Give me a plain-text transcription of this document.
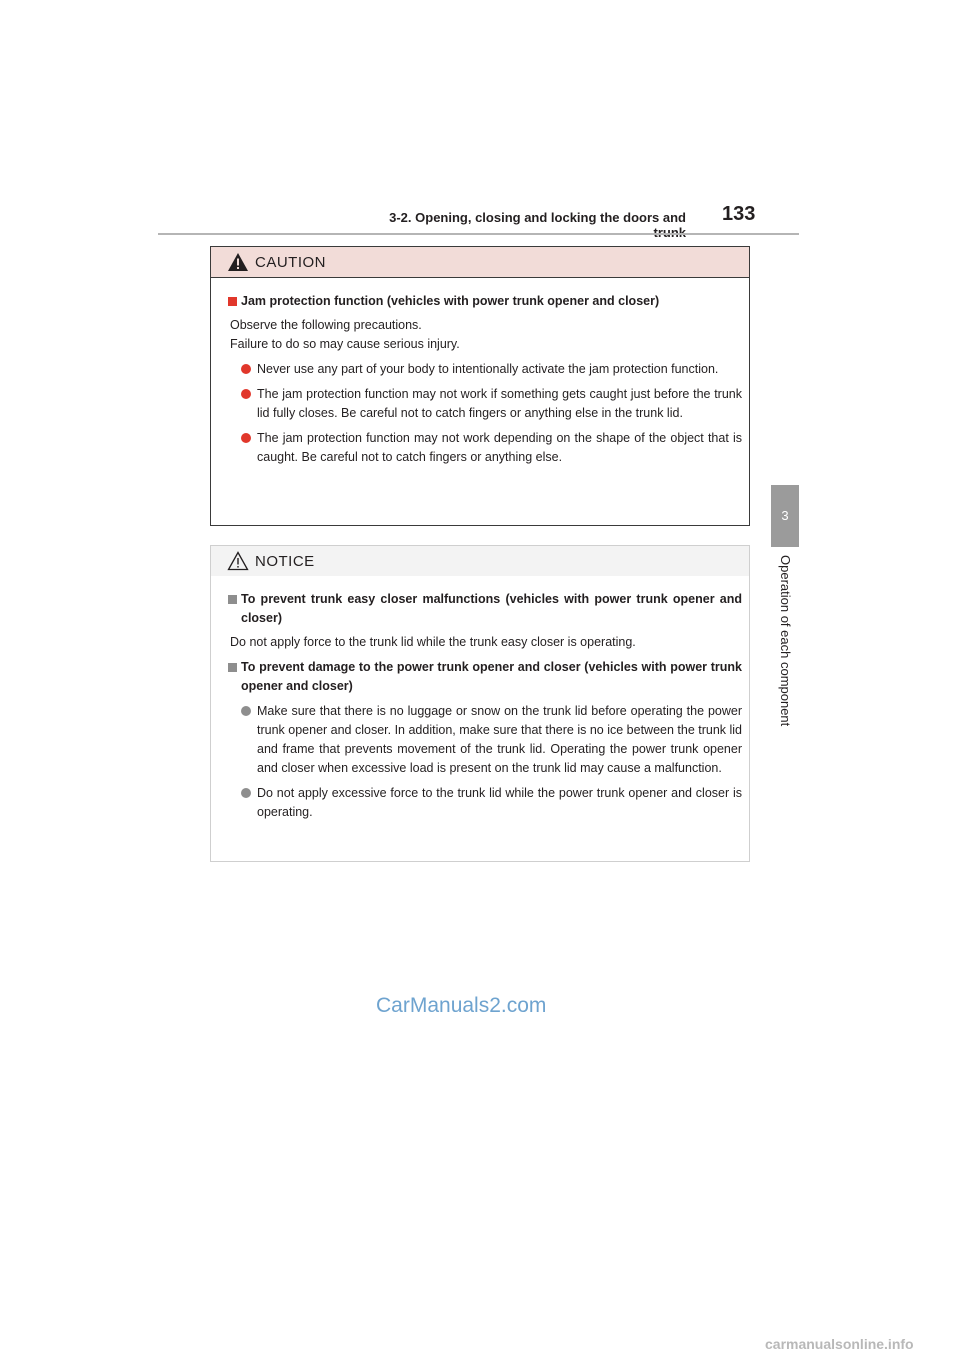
3-2. Opening, closing and locking the doors and 133
3
Operation of each component
CAUTION
Jam protection function (vehicles with power trunk opener and closer)
Observe the following precautions.
Failure to do so may cause serious injury.
Never use any part of your body to intentionally activate the jam protection function.
The jam protection function may not work if something gets caught just before the trunk lid fully closes. Be careful not to catch fingers or anything else in the trunk lid.
The jam protection function may not work depending on the shape of the object that is caught. Be careful not to catch fingers or anything else.
NOTICE
To prevent trunk easy closer malfunctions (vehicles with power trunk opener and closer)
Do not apply force to the trunk lid while the trunk easy closer is operating.
To prevent damage to the power trunk opener and closer (vehicles with power trunk opener and closer)
Make sure that there is no luggage or snow on the trunk lid before operating the power trunk opener and closer. In addition, make sure that there is no ice between the trunk lid and frame that prevents movement of the trunk lid. Operating the power trunk opener and closer when excessive load is present on the trunk lid may cause a malfunction.
Do not apply excessive force to the trunk lid while the power trunk opener and closer is operating.
CarManuals2.com
carmanualsonline.info
